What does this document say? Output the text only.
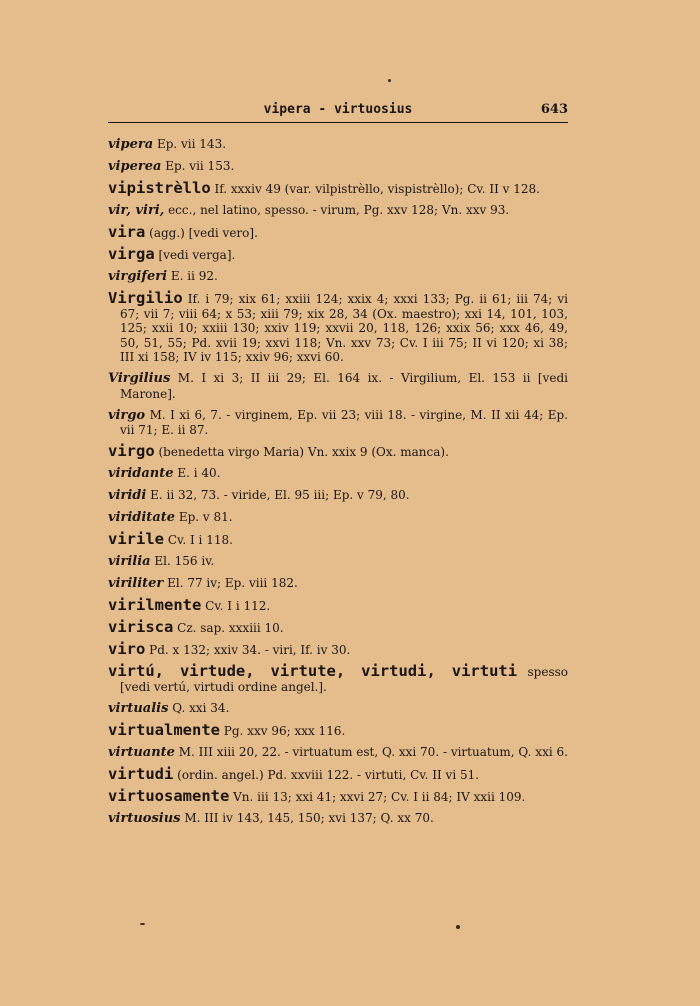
vipera - virtuosius	643
vipera Ep. vii 143.
viperea Ep. vii 153.
vipistrèllo If. xxxiv 49 (var. vilpistrèllo, vispistrèllo); Cv. II v 128.
vir, viri, ecc., nel latino, spesso. - virum, Pg. xxv 128; Vn. xxv 93.
vira (agg.) [vedi vero].
virga [vedi verga].
virgiferi E. ii 92.
Virgilio If. i 79; xix 61; xxiii 124; xxix 4; xxxi 133; Pg. ii 61; iii 74; vi 67; vii 7; viii 64; x 53; xiii 79; xix 28, 34 (Ox. maestro); xxi 14, 101, 103, 125; xxii 10; xxiii 130; xxiv 119; xxvii 20, 118, 126; xxix 56; xxx 46, 49, 50, 51, 55; Pd. xvii 19; xxvi 118; Vn. xxv 73; Cv. I iii 75; II vi 120; xi 38; III xi 158; IV iv 115; xxiv 96; xxvi 60.
Virgilius M. I xi 3; II iii 29; El. 164 ix. - Virgilium, El. 153 ii [vedi Marone].
virgo M. I xi 6, 7. - virginem, Ep. vii 23; viii 18. - virgine, M. II xii 44; Ep. vii 71; E. ii 87.
virgo (benedetta virgo Maria) Vn. xxix 9 (Ox. manca).
viridante E. i 40.
viridi E. ii 32, 73. - viride, El. 95 iii; Ep. v 79, 80.
viriditate Ep. v 81.
virile Cv. I i 118.
virilia El. 156 iv.
viriliter El. 77 iv; Ep. viii 182.
virilmente Cv. I i 112.
virisca Cz. sap. xxxiii 10.
viro Pd. x 132; xxiv 34. - viri, If. iv 30.
virtú, virtude, virtute, virtudi, virtuti spesso [vedi vertú, virtudi ordine angel.].
virtualis Q. xxi 34.
virtualmente Pg. xxv 96; xxx 116.
virtuante M. III xiii 20, 22. - virtuatum est, Q. xxi 70. - virtuatum, Q. xxi 6.
virtudi (ordin. angel.) Pd. xxviii 122. - virtuti, Cv. II vi 51.
virtuosamente Vn. iii 13; xxi 41; xxvi 27; Cv. I ii 84; IV xxii 109.
virtuosius M. III iv 143, 145, 150; xvi 137; Q. xx 70.
